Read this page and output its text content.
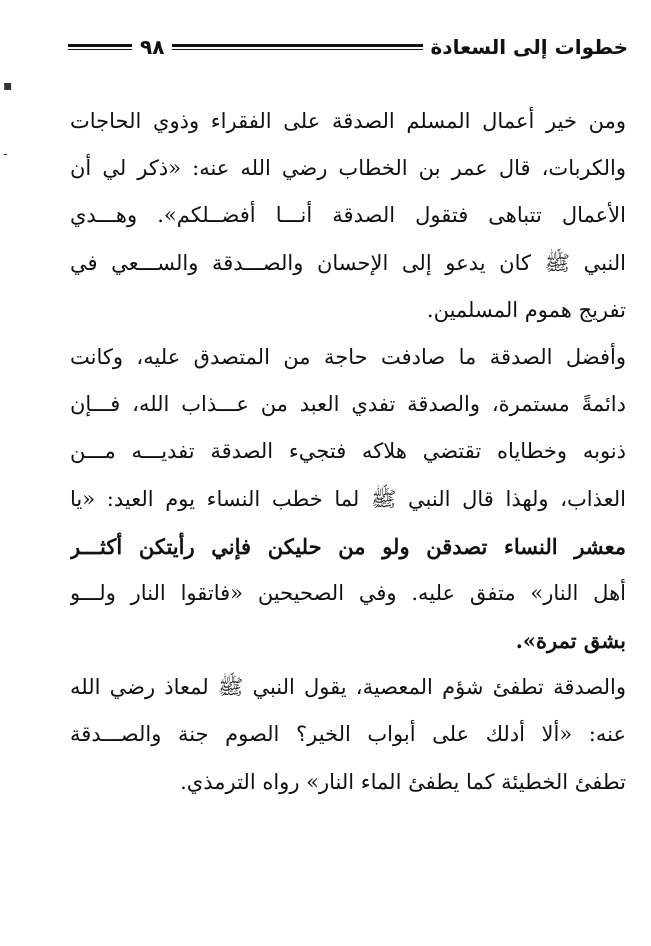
▪
‑
خطوات إلى السعادة
٩٨
ومن خير أعمال المسلم الصدقة على الفقراء وذوي الحاجات
والكربات، قال عمر بن الخطاب رضي الله عنه: «ذكر لي أن
الأعمال تتباهى فتقول الصدقة أنـــا أفضــلكم». وهـــدي
النبي ﷺ كان يدعو إلى الإحسان والصـــدقة والســـعي في
تفريج هموم المسلمين.
وأفضل الصدقة ما صادفت حاجة من المتصدق عليه، وكانت
دائمةً مستمرة، والصدقة تفدي العبد من عـــذاب الله، فـــإن
ذنوبه وخطاياه تقتضي هلاكه فتجيء الصدقة تفديـــه مـــن
العذاب، ولهذا قال النبي ﷺ لما خطب النساء يوم العيد: «يا
معشر النساء تصدقن ولو من حليكن فإني رأيتكن أكثـــر
أهل النار» متفق عليه. وفي الصحيحين «فاتقوا النار ولـــو
بشق تمرة».
والصدقة تطفئ شؤم المعصية، يقول النبي ﷺ لمعاذ رضي الله
عنه: «ألا أدلك على أبواب الخير؟ الصوم جنة والصـــدقة
تطفئ الخطيئة كما يطفئ الماء النار» رواه الترمذي.
